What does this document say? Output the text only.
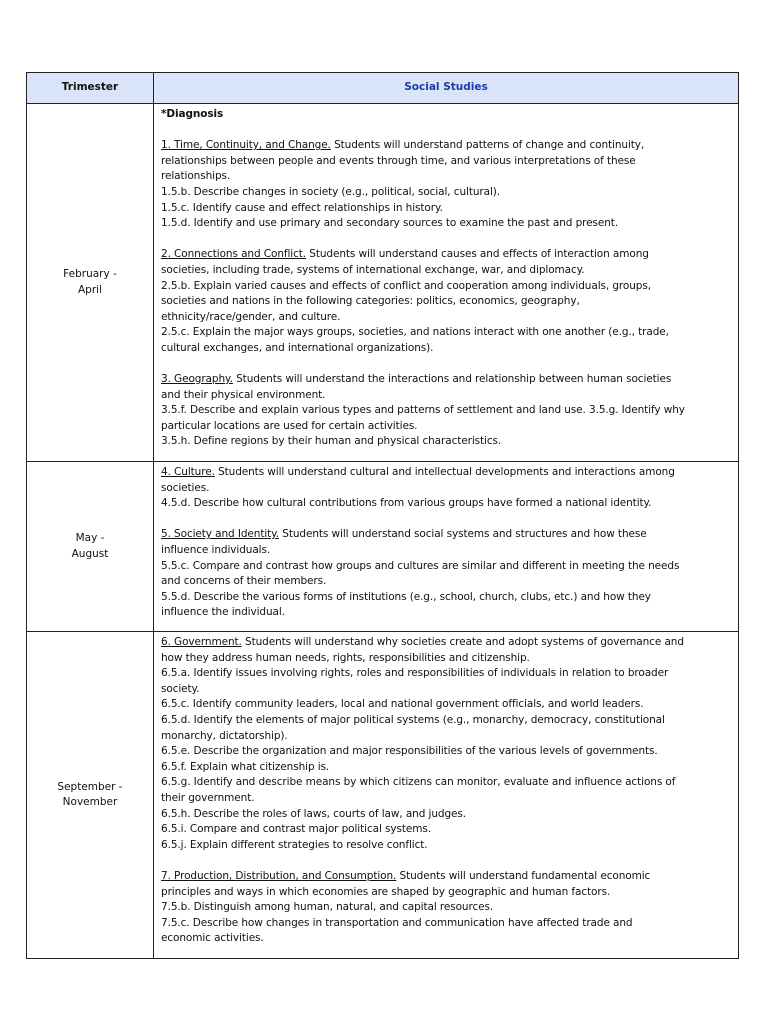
Trimester	Social Studies
February -
April
*Diagnosis
1. Time, Continuity, and Change. Students will understand patterns of change and continuity,
relationships between people and events through time, and various interpretations of these
relationships.
1.5.b. Describe changes in society (e.g., political, social, cultural).
1.5.c. Identify cause and effect relationships in history.
1.5.d. Identify and use primary and secondary sources to examine the past and present.
2. Connections and Conflict. Students will understand causes and effects of interaction among
societies, including trade, systems of international exchange, war, and diplomacy.
2.5.b. Explain varied causes and effects of conflict and cooperation among individuals, groups,
societies and nations in the following categories: politics, economics, geography,
ethnicity/race/gender, and culture.
2.5.c. Explain the major ways groups, societies, and nations interact with one another (e.g., trade,
cultural exchanges, and international organizations).
3. Geography. Students will understand the interactions and relationship between human societies
and their physical environment.
3.5.f. Describe and explain various types and patterns of settlement and land use. 3.5.g. Identify why
particular locations are used for certain activities.
3.5.h. Define regions by their human and physical characteristics.
May -
August
4. Culture. Students will understand cultural and intellectual developments and interactions among
societies.
4.5.d. Describe how cultural contributions from various groups have formed a national identity.
5. Society and Identity. Students will understand social systems and structures and how these
influence individuals.
5.5.c. Compare and contrast how groups and cultures are similar and different in meeting the needs
and concerns of their members.
5.5.d. Describe the various forms of institutions (e.g., school, church, clubs, etc.) and how they
influence the individual.
September -
November
6. Government. Students will understand why societies create and adopt systems of governance and
how they address human needs, rights, responsibilities and citizenship.
6.5.a. Identify issues involving rights, roles and responsibilities of individuals in relation to broader
society.
6.5.c. Identify community leaders, local and national government officials, and world leaders.
6.5.d. Identify the elements of major political systems (e.g., monarchy, democracy, constitutional
monarchy, dictatorship).
6.5.e. Describe the organization and major responsibilities of the various levels of governments.
6.5.f. Explain what citizenship is.
6.5.g. Identify and describe means by which citizens can monitor, evaluate and influence actions of
their government.
6.5.h. Describe the roles of laws, courts of law, and judges.
6.5.i. Compare and contrast major political systems.
6.5.j. Explain different strategies to resolve conflict.
7. Production, Distribution, and Consumption. Students will understand fundamental economic
principles and ways in which economies are shaped by geographic and human factors.
7.5.b. Distinguish among human, natural, and capital resources.
7.5.c. Describe how changes in transportation and communication have affected trade and
economic activities.
